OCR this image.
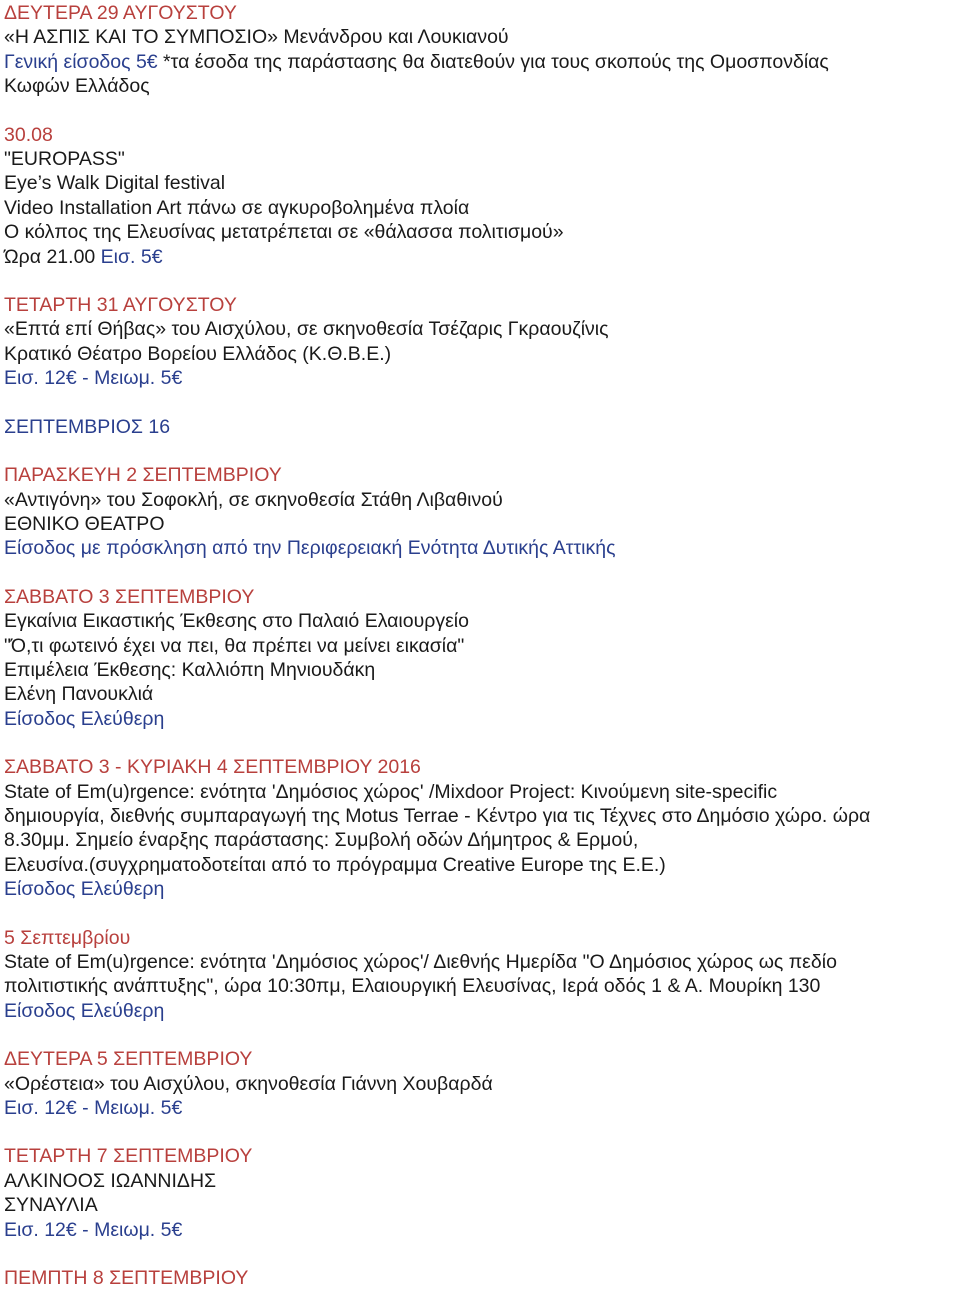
ΔΕΥΤΕΡΑ 29 ΑΥΓΟΥΣΤΟΥ
«Η ΑΣΠΙΣ ΚΑΙ ΤΟ ΣΥΜΠΟΣΙΟ» Μενάνδρου και Λουκιανού
Γενική είσοδος 5€ *τα έσοδα της παράστασης θα διατεθούν για τους σκοπούς της Ομοσπονδίας
Κωφών Ελλάδος
30.08
"EUROPASS"
Eye’s Walk Digital festival
Video Installation Art πάνω σε αγκυροβολημένα πλοία
Ο κόλπος της Ελευσίνας μετατρέπεται σε «θάλασσα πολιτισμού»
Ώρα 21.00 Εισ. 5€
ΤΕΤΑΡΤΗ 31 ΑΥΓΟΥΣΤΟΥ
«Επτά επί Θήβας» του Αισχύλου, σε σκηνοθεσία Τσέζαρις Γκραουζίνις
Κρατικό Θέατρο Βορείου Ελλάδος (Κ.Θ.Β.Ε.)
Εισ. 12€ - Μειωμ. 5€
ΣΕΠΤΕΜΒΡΙΟΣ 16
ΠΑΡΑΣΚΕΥΗ 2 ΣΕΠΤΕΜΒΡΙΟΥ
«Αντιγόνη» του Σοφοκλή, σε σκηνοθεσία Στάθη Λιβαθινού
ΕΘΝΙΚΟ ΘΕΑΤΡΟ
Είσοδος με πρόσκληση από την Περιφερειακή Ενότητα Δυτικής Αττικής
ΣΑΒΒΑΤΟ 3 ΣΕΠΤΕΜΒΡΙΟΥ
Εγκαίνια Εικαστικής Έκθεσης στο Παλαιό Ελαιουργείο
"Ό,τι φωτεινό έχει να πει, θα πρέπει να μείνει εικασία"
Επιμέλεια Έκθεσης: Καλλιόπη Μηνιουδάκη
Ελένη Πανουκλιά
Είσοδος Ελεύθερη
ΣΑΒΒΑΤΟ 3 - ΚΥΡΙΑΚΗ 4 ΣΕΠΤΕΜΒΡΙΟΥ 2016
State of Em(u)rgence: ενότητα 'Δημόσιος χώρος' /Mixdoor Project: Κινούμενη site-specific
δημιουργία, διεθνής συμπαραγωγή της Motus Terrae - Κέντρο για τις Τέχνες στο Δημόσιο χώρο. ώρα
8.30μμ. Σημείο έναρξης παράστασης: Συμβολή οδών Δήμητρος & Ερμού,
Ελευσίνα.(συγχρηματοδοτείται από το πρόγραμμα Creative Europe της Ε.Ε.)
Είσοδος Ελεύθερη
5 Σεπτεμβρίου
State of Em(u)rgence: ενότητα 'Δημόσιος χώρος'/ Διεθνής Ημερίδα "Ο Δημόσιος χώρος ως πεδίο
πολιτιστικής ανάπτυξης", ώρα 10:30πμ, Ελαιουργική Ελευσίνας, Ιερά οδός 1 & Α. Μουρίκη 130
Είσοδος Ελεύθερη
ΔΕΥΤΕΡΑ 5 ΣΕΠΤΕΜΒΡΙΟΥ
«Ορέστεια» του Αισχύλου, σκηνοθεσία Γιάννη Χουβαρδά
Εισ. 12€ - Μειωμ. 5€
ΤΕΤΑΡΤΗ 7 ΣΕΠΤΕΜΒΡΙΟΥ
ΑΛΚΙΝΟΟΣ ΙΩΑΝΝΙΔΗΣ
ΣΥΝΑΥΛΙΑ
Εισ. 12€ - Μειωμ. 5€
ΠΕΜΠΤΗ 8 ΣΕΠΤΕΜΒΡΙΟΥ
